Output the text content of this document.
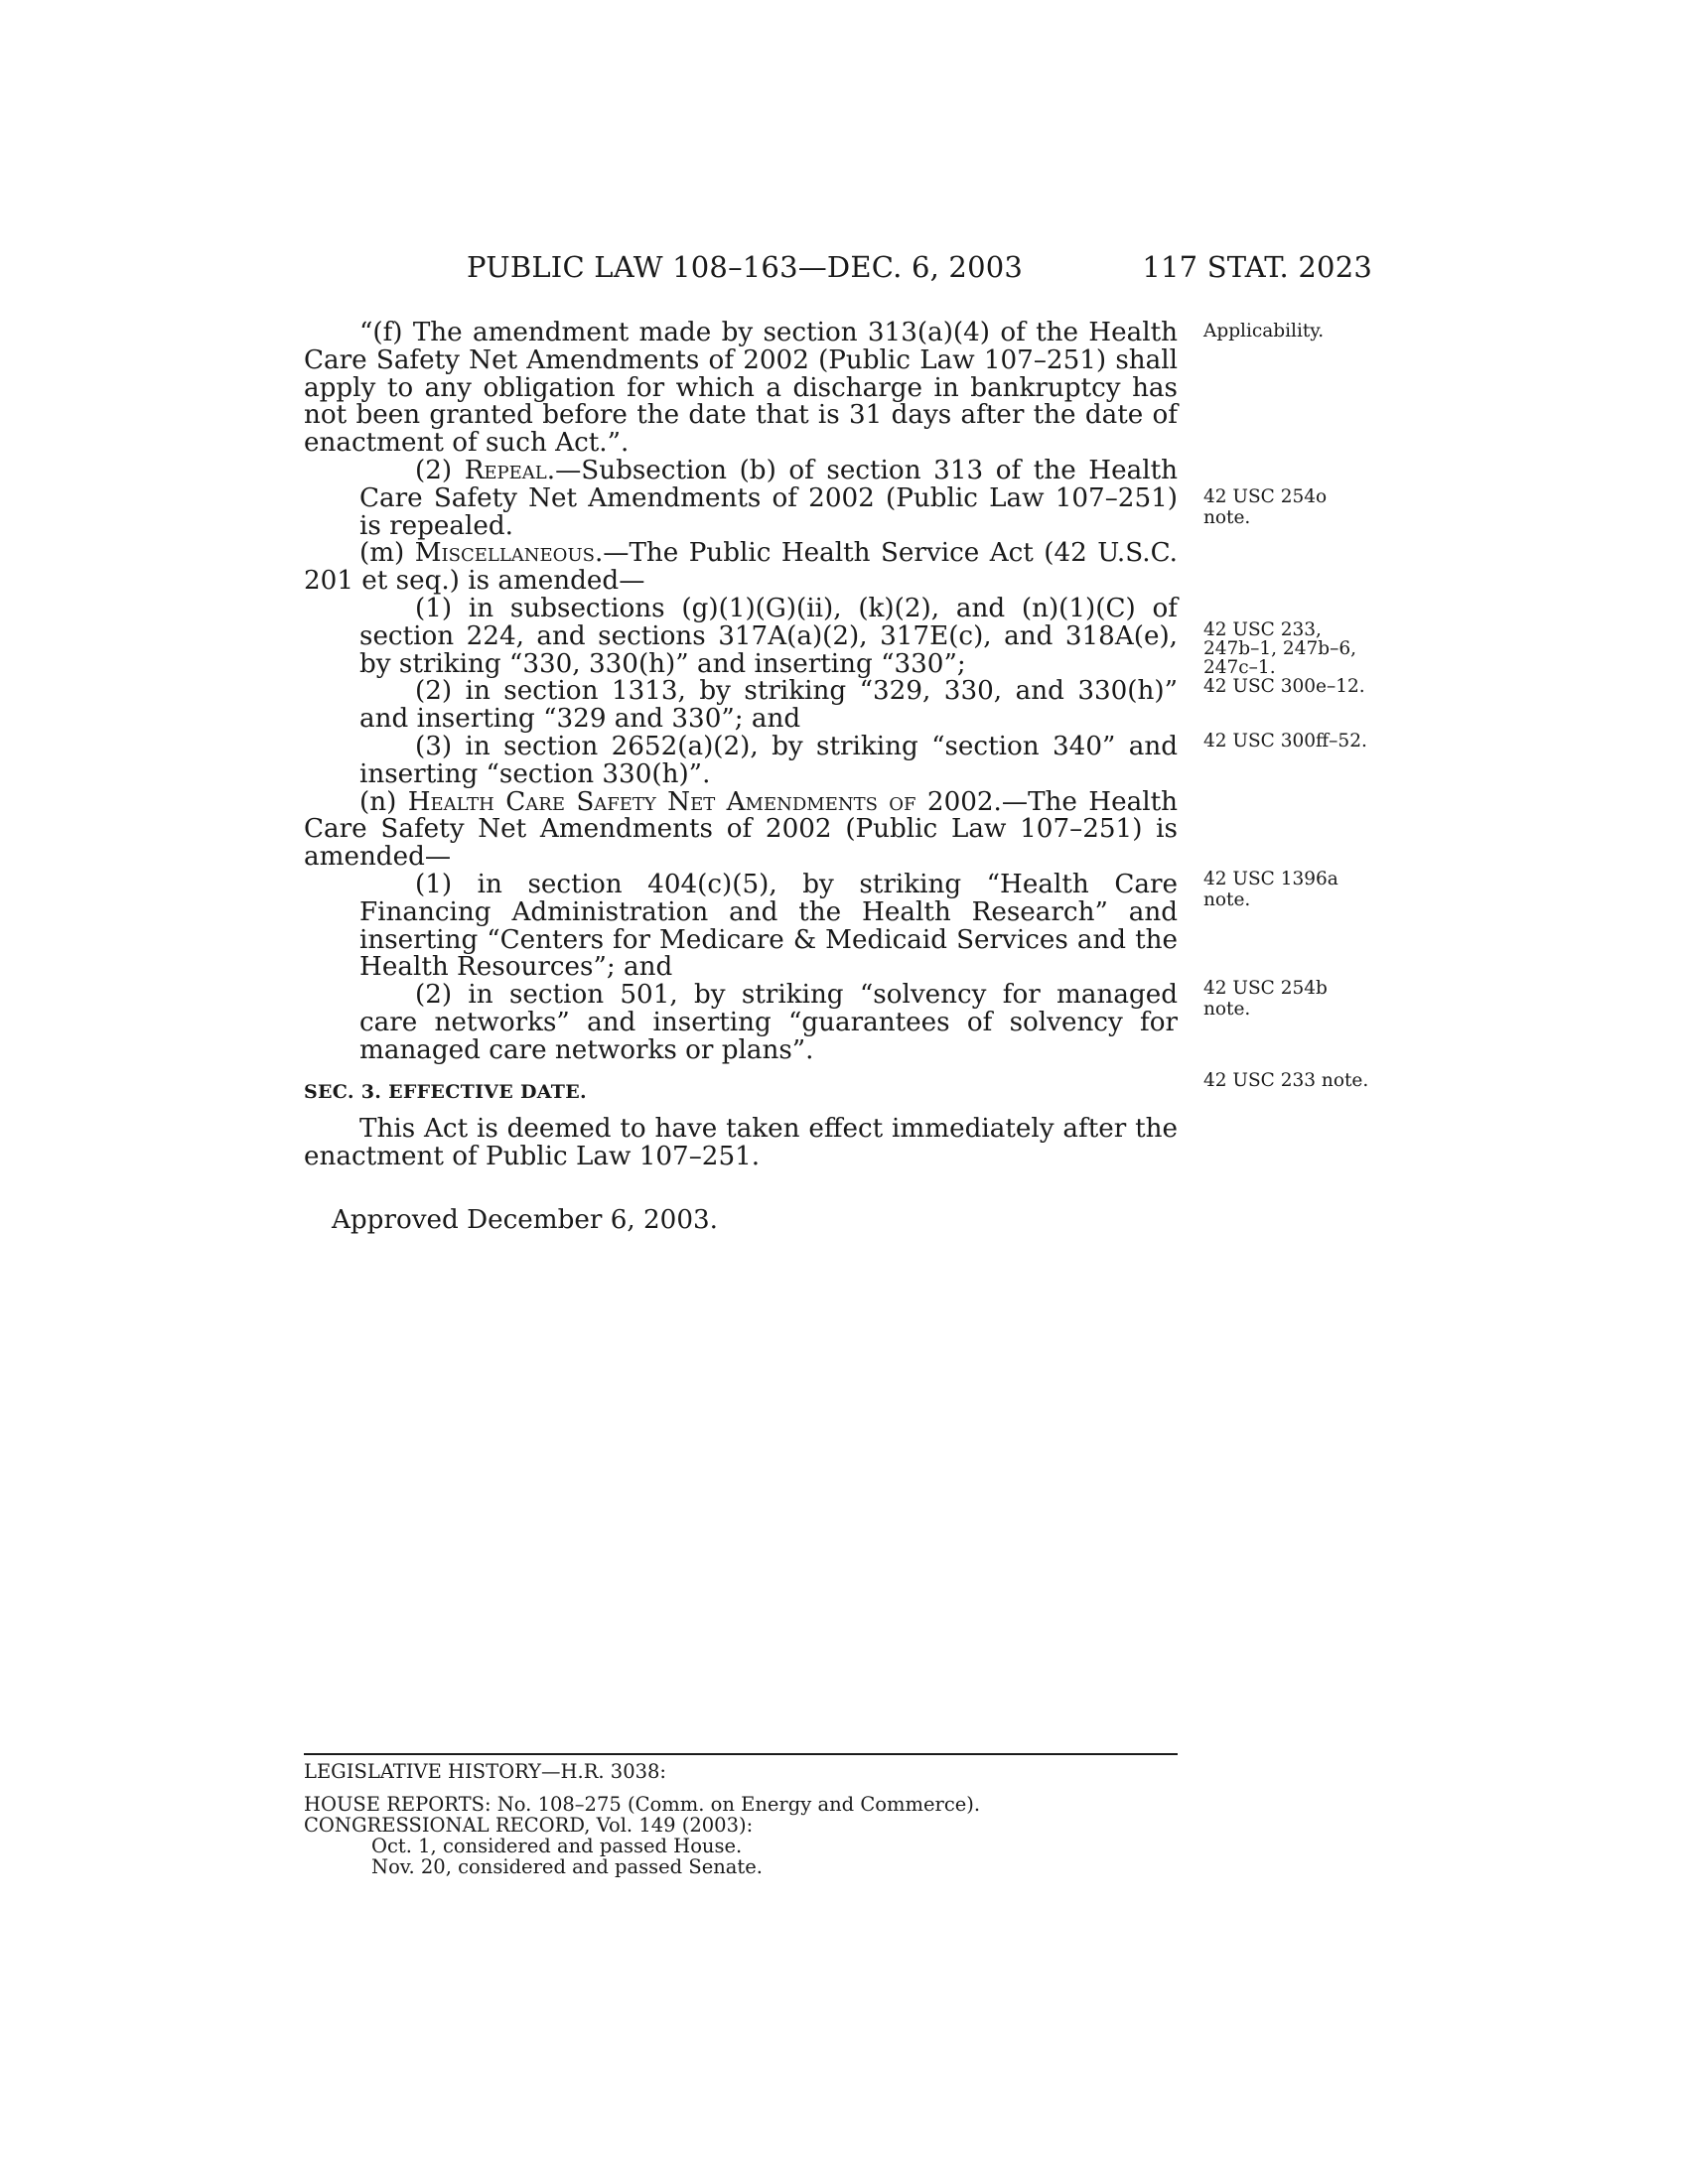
PUBLIC LAW 108–163—DEC. 6, 2003	117 STAT. 2023

“(f) The amendment made by section 313(a)(4) of the Health Care Safety Net Amendments of 2002 (Public Law 107–251) shall apply to any obligation for which a discharge in bankruptcy has not been granted before the date that is 31 days after the date of enactment of such Act.”.

(2) Repeal.—Subsection (b) of section 313 of the Health Care Safety Net Amendments of 2002 (Public Law 107–251) is repealed.

(m) Miscellaneous.—The Public Health Service Act (42 U.S.C. 201 et seq.) is amended—

(1) in subsections (g)(1)(G)(ii), (k)(2), and (n)(1)(C) of section 224, and sections 317A(a)(2), 317E(c), and 318A(e), by striking “330, 330(h)” and inserting “330”;

(2) in section 1313, by striking “329, 330, and 330(h)” and inserting “329 and 330”; and

(3) in section 2652(a)(2), by striking “section 340” and inserting “section 330(h)”.

(n) Health Care Safety Net Amendments of 2002.—The Health Care Safety Net Amendments of 2002 (Public Law 107–251) is amended—

(1) in section 404(c)(5), by striking “Health Care Financing Administration and the Health Research” and inserting “Centers for Medicare & Medicaid Services and the Health Resources”; and

(2) in section 501, by striking “solvency for managed care networks” and inserting “guarantees of solvency for managed care networks or plans”.

SEC. 3. EFFECTIVE DATE.

This Act is deemed to have taken effect immediately after the enactment of Public Law 107–251.

Approved December 6, 2003.

Applicability.
42 USC 254o
note.
42 USC 233,
247b–1, 247b–6,
247c–1.
42 USC 300e–12.
42 USC 300ff–52.
42 USC 1396a
note.
42 USC 254b
note.
42 USC 233 note.
LEGISLATIVE HISTORY—H.R. 3038:
HOUSE REPORTS: No. 108–275 (Comm. on Energy and Commerce).
CONGRESSIONAL RECORD, Vol. 149 (2003):
Oct. 1, considered and passed House.
Nov. 20, considered and passed Senate.
